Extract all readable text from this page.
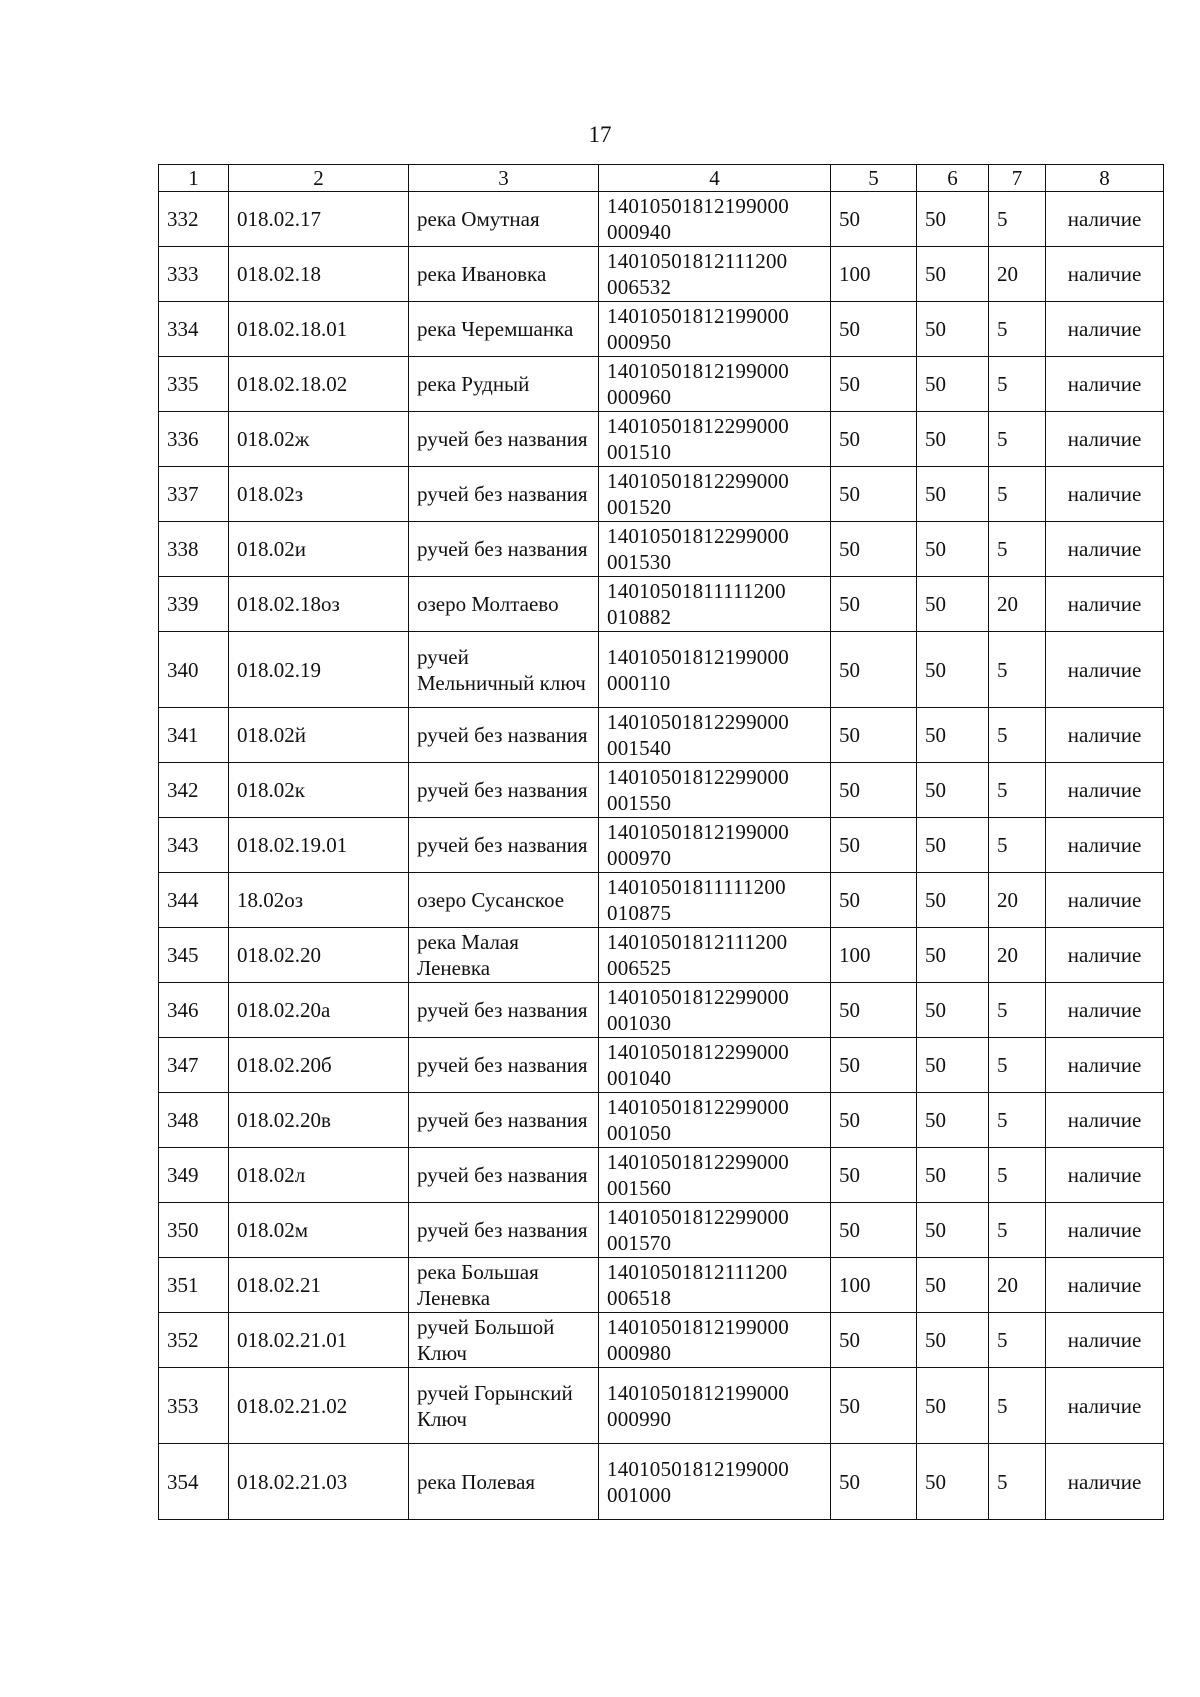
17
1	2	3	4	5	6	7	8
332	018.02.17	река Омутная	14010501812199000 000940	50	50	5	наличие
333	018.02.18	река Ивановка	14010501812111200 006532	100	50	20	наличие
334	018.02.18.01	река Черемшанка	14010501812199000 000950	50	50	5	наличие
335	018.02.18.02	река Рудный	14010501812199000 000960	50	50	5	наличие
336	018.02ж	ручей без названия	14010501812299000 001510	50	50	5	наличие
337	018.02з	ручей без названия	14010501812299000 001520	50	50	5	наличие
338	018.02и	ручей без названия	14010501812299000 001530	50	50	5	наличие
339	018.02.18оз	озеро Молтаево	14010501811111200 010882	50	50	20	наличие
340	018.02.19	ручей Мельничный ключ	14010501812199000 000110	50	50	5	наличие
341	018.02й	ручей без названия	14010501812299000 001540	50	50	5	наличие
342	018.02к	ручей без названия	14010501812299000 001550	50	50	5	наличие
343	018.02.19.01	ручей без названия	14010501812199000 000970	50	50	5	наличие
344	18.02оз	озеро Сусанское	14010501811111200 010875	50	50	20	наличие
345	018.02.20	река Малая Леневка	14010501812111200 006525	100	50	20	наличие
346	018.02.20а	ручей без названия	14010501812299000 001030	50	50	5	наличие
347	018.02.20б	ручей без названия	14010501812299000 001040	50	50	5	наличие
348	018.02.20в	ручей без названия	14010501812299000 001050	50	50	5	наличие
349	018.02л	ручей без названия	14010501812299000 001560	50	50	5	наличие
350	018.02м	ручей без названия	14010501812299000 001570	50	50	5	наличие
351	018.02.21	река Большая Леневка	14010501812111200 006518	100	50	20	наличие
352	018.02.21.01	ручей Большой Ключ	14010501812199000 000980	50	50	5	наличие
353	018.02.21.02	ручей Горынский Ключ	14010501812199000 000990	50	50	5	наличие
354	018.02.21.03	река Полевая	14010501812199000 001000	50	50	5	наличие
